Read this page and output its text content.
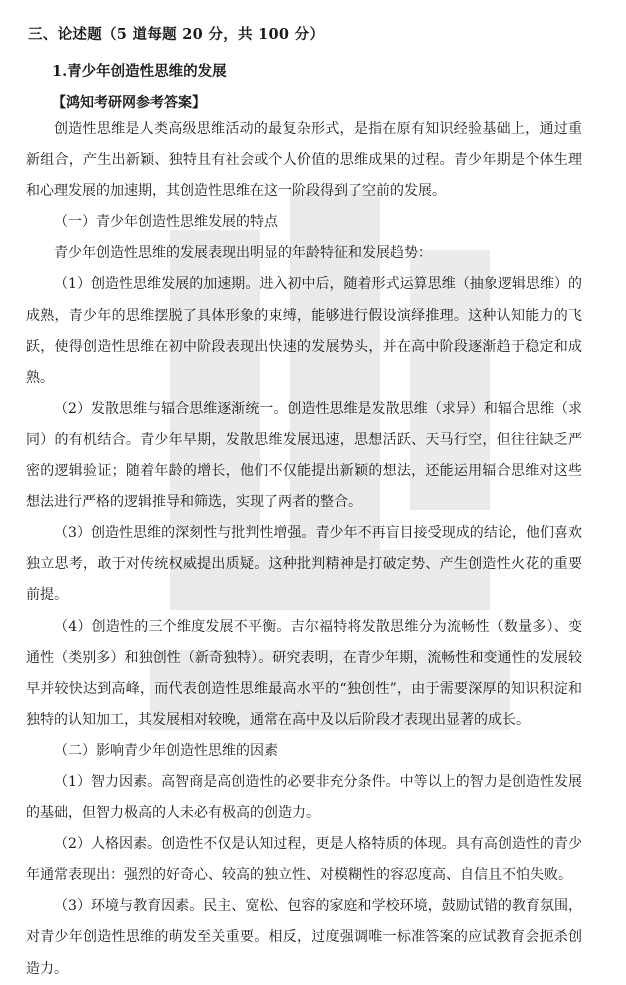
三、论述题（5 道每题 20 分，共 100 分）
1.青少年创造性思维的发展
【鸿知考研网参考答案】

创造性思维是人类高级思维活动的最复杂形式，是指在原有知识经验基础上，通过重新组合，产生出新颖、独特且有社会或个人价值的思维成果的过程。青少年期是个体生理和心理发展的加速期，其创造性思维在这一阶段得到了空前的发展。

（一）青少年创造性思维发展的特点

青少年创造性思维的发展表现出明显的年龄特征和发展趋势：

（1）创造性思维发展的加速期。进入初中后，随着形式运算思维（抽象逻辑思维）的成熟，青少年的思维摆脱了具体形象的束缚，能够进行假设演绎推理。这种认知能力的飞跃，使得创造性思维在初中阶段表现出快速的发展势头，并在高中阶段逐渐趋于稳定和成熟。

（2）发散思维与辐合思维逐渐统一。创造性思维是发散思维（求异）和辐合思维（求同）的有机结合。青少年早期，发散思维发展迅速，思想活跃、天马行空，但往往缺乏严密的逻辑验证；随着年龄的增长，他们不仅能提出新颖的想法，还能运用辐合思维对这些想法进行严格的逻辑推导和筛选，实现了两者的整合。

（3）创造性思维的深刻性与批判性增强。青少年不再盲目接受现成的结论，他们喜欢独立思考，敢于对传统权威提出质疑。这种批判精神是打破定势、产生创造性火花的重要前提。

（4）创造性的三个维度发展不平衡。吉尔福特将发散思维分为流畅性（数量多）、变通性（类别多）和独创性（新奇独特）。研究表明，在青少年期，流畅性和变通性的发展较早并较快达到高峰，而代表创造性思维最高水平的“独创性”，由于需要深厚的知识积淀和独特的认知加工，其发展相对较晚，通常在高中及以后阶段才表现出显著的成长。

（二）影响青少年创造性思维的因素

（1）智力因素。高智商是高创造性的必要非充分条件。中等以上的智力是创造性发展的基础，但智力极高的人未必有极高的创造力。

（2）人格因素。创造性不仅是认知过程，更是人格特质的体现。具有高创造性的青少年通常表现出：强烈的好奇心、较高的独立性、对模糊性的容忍度高、自信且不怕失败。

（3）环境与教育因素。民主、宽松、包容的家庭和学校环境，鼓励试错的教育氛围，对青少年创造性思维的萌发至关重要。相反，过度强调唯一标准答案的应试教育会扼杀创造力。
